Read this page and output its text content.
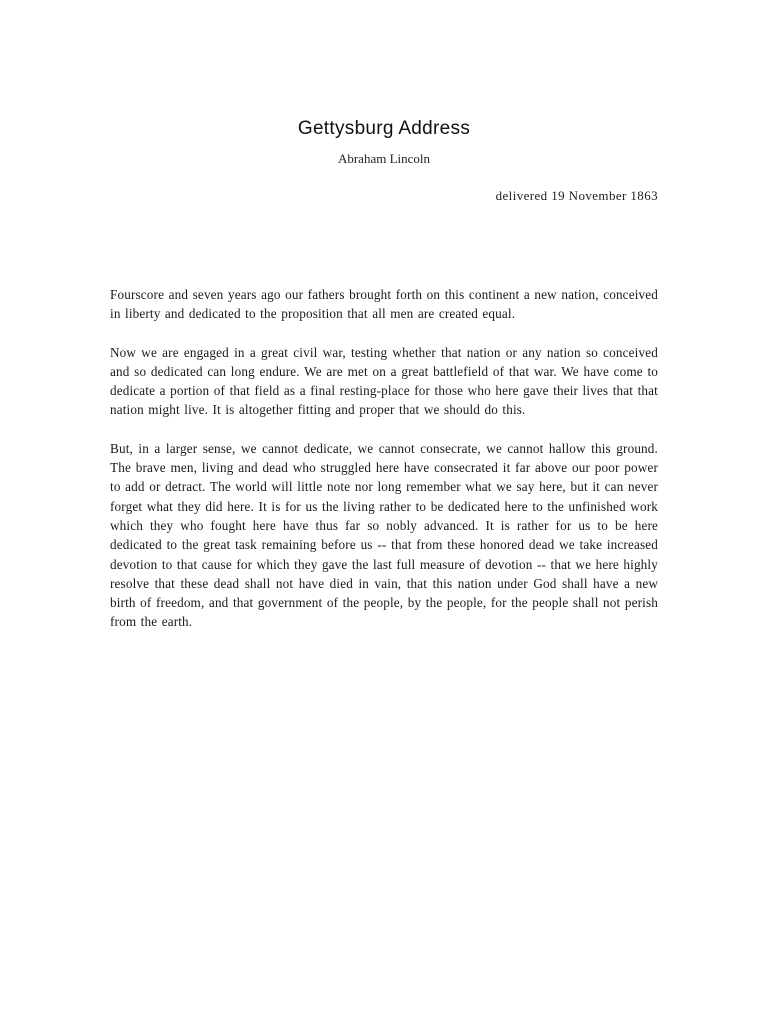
Gettysburg Address
Abraham Lincoln
delivered 19 November 1863

Fourscore and seven years ago our fathers brought forth on this continent a new nation, conceived in liberty and dedicated to the proposition that all men are created equal.

Now we are engaged in a great civil war, testing whether that nation or any nation so conceived and so dedicated can long endure. We are met on a great battlefield of that war. We have come to dedicate a portion of that field as a final resting-place for those who here gave their lives that that nation might live. It is altogether fitting and proper that we should do this.

But, in a larger sense, we cannot dedicate, we cannot consecrate, we cannot hallow this ground. The brave men, living and dead who struggled here have consecrated it far above our poor power to add or detract. The world will little note nor long remember what we say here, but it can never forget what they did here. It is for us the living rather to be dedicated here to the unfinished work which they who fought here have thus far so nobly advanced. It is rather for us to be here dedicated to the great task remaining before us -- that from these honored dead we take increased devotion to that cause for which they gave the last full measure of devotion -- that we here highly resolve that these dead shall not have died in vain, that this nation under God shall have a new birth of freedom, and that government of the people, by the people, for the people shall not perish from the earth.
